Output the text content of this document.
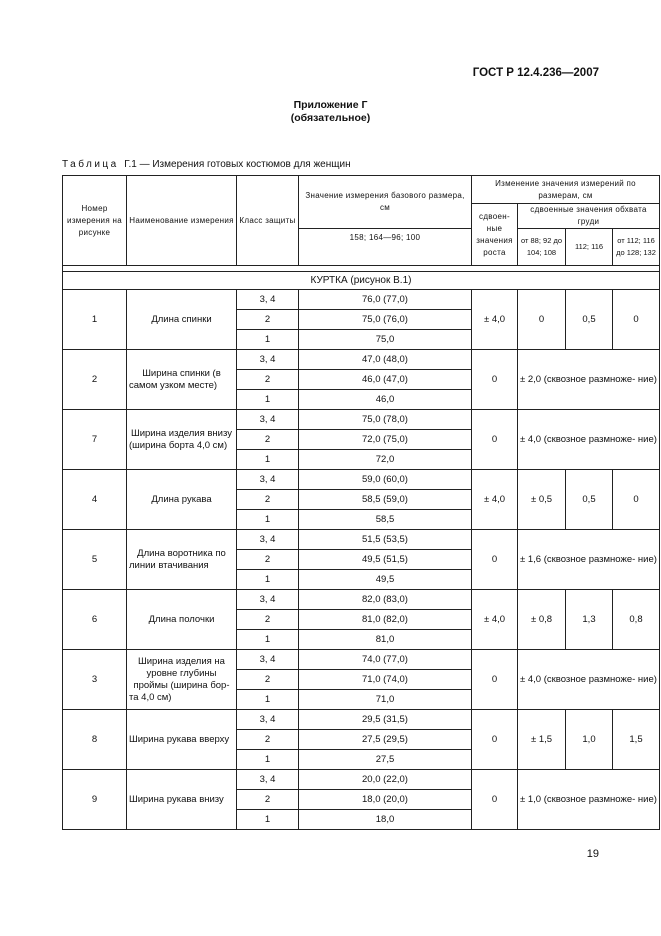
ГОСТ Р 12.4.236—2007
Приложение Г
(обязательное)
Таблица Г.1 — Измерения готовых костюмов для женщин
Номер измерения на рисунке	Наименование измерения	Класс защиты	Значение измерения базового размера, см	Изменение значения измерений по размерам, см			
				сдвоен- ные значения роста	сдвоенные значения обхвата груди		
			158; 164—96; 100		от 88; 92 до 104; 108	112; 116	от 112; 116 до 128; 132

КУРТКА (рисунок В.1)							
1	Длина спинки	3, 4	76,0 (77,0)	± 4,0	0	0,5	0
		2	75,0 (76,0)				
		1	75,0				
2	Ширина спинки (в самом узком месте)	3, 4	47,0 (48,0)	0	± 2,0 (сквозное размноже- ние)		
		2	46,0 (47,0)				
		1	46,0				
7	Ширина изделия внизу (ширина борта 4,0 см)	3, 4	75,0 (78,0)	0	± 4,0 (сквозное размноже- ние)		
		2	72,0 (75,0)				
		1	72,0				
4	Длина рукава	3, 4	59,0 (60,0)	± 4,0	± 0,5	0,5	0
		2	58,5 (59,0)				
		1	58,5				
5	Длина воротника по линии втачивания	3, 4	51,5 (53,5)	0	± 1,6 (сквозное размноже- ние)		
		2	49,5 (51,5)				
		1	49,5				
6	Длина полочки	3, 4	82,0 (83,0)	± 4,0	± 0,8	1,3	0,8
		2	81,0 (82,0)				
		1	81,0				
3	Ширина изделия на уровне глубины проймы (ширина бор- та 4,0 см)	3, 4	74,0 (77,0)	0	± 4,0 (сквозное размноже- ние)		
		2	71,0 (74,0)				
		1	71,0				
8	Ширина рукава вверху	3, 4	29,5 (31,5)	0	± 1,5	1,0	1,5
		2	27,5 (29,5)				
		1	27,5				
9	Ширина рукава внизу	3, 4	20,0 (22,0)	0	± 1,0 (сквозное размноже- ние)		
		2	18,0 (20,0)				
		1	18,0				
19
